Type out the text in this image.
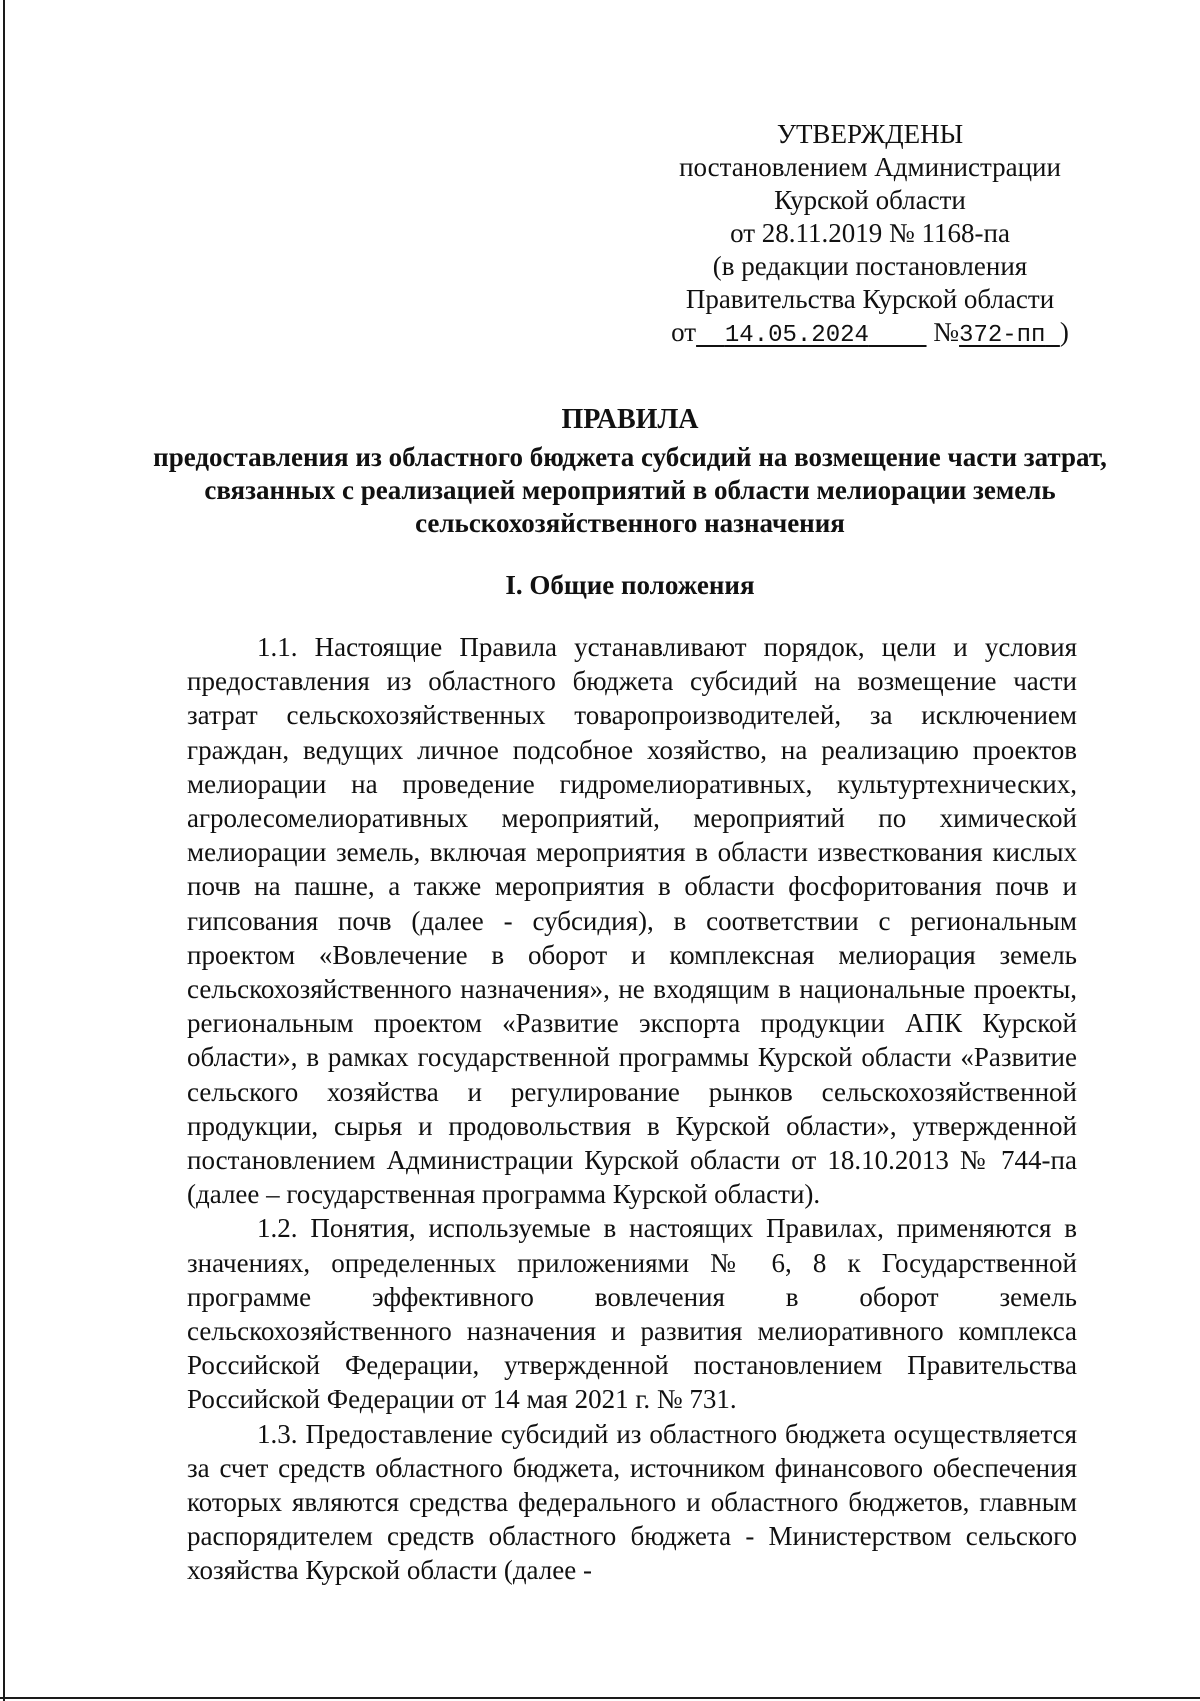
УТВЕРЖДЕНЫ
постановлением Администрации
Курской области
от 28.11.2019 № 1168-па
(в редакции постановления
Правительства Курской области
от 14.05.2024 №372-пп )
ПРАВИЛА
предоставления из областного бюджета субсидий на возмещение части затрат, связанных с реализацией мероприятий в области мелиорации земель сельскохозяйственного назначения
I. Общие положения

1.1. Настоящие Правила устанавливают порядок, цели и условия предоставления из областного бюджета субсидий на возмещение части затрат сельскохозяйственных товаропроизводителей, за исключением граждан, ведущих личное подсобное хозяйство, на реализацию проектов мелиорации на проведение гидромелиоративных, культуртехнических, агролесомелиоративных мероприятий, мероприятий по химической мелиорации земель, включая мероприятия в области известкования кислых почв на пашне, а также мероприятия в области фосфоритования почв и гипсования почв (далее - субсидия), в соответствии с региональным проектом «Вовлечение в оборот и комплексная мелиорация земель сельскохозяйственного назначения», не входящим в национальные проекты, региональным проектом «Развитие экспорта продукции АПК Курской области», в рамках государственной программы Курской области «Развитие сельского хозяйства и регулирование рынков сельскохозяйственной продукции, сырья и продовольствия в Курской области», утвержденной постановлением Администрации Курской области от 18.10.2013 № 744-па (далее – государственная программа Курской области).

1.2. Понятия, используемые в настоящих Правилах, применяются в значениях, определенных приложениями № 6, 8 к Государственной программе эффективного вовлечения в оборот земель сельскохозяйственного назначения и развития мелиоративного комплекса Российской Федерации, утвержденной постановлением Правительства Российской Федерации от 14 мая 2021 г. № 731.

1.3. Предоставление субсидий из областного бюджета осуществляется за счет средств областного бюджета, источником финансового обеспечения которых являются средства федерального и областного бюджетов, главным распорядителем средств областного бюджета - Министерством сельского хозяйства Курской области (далее -
